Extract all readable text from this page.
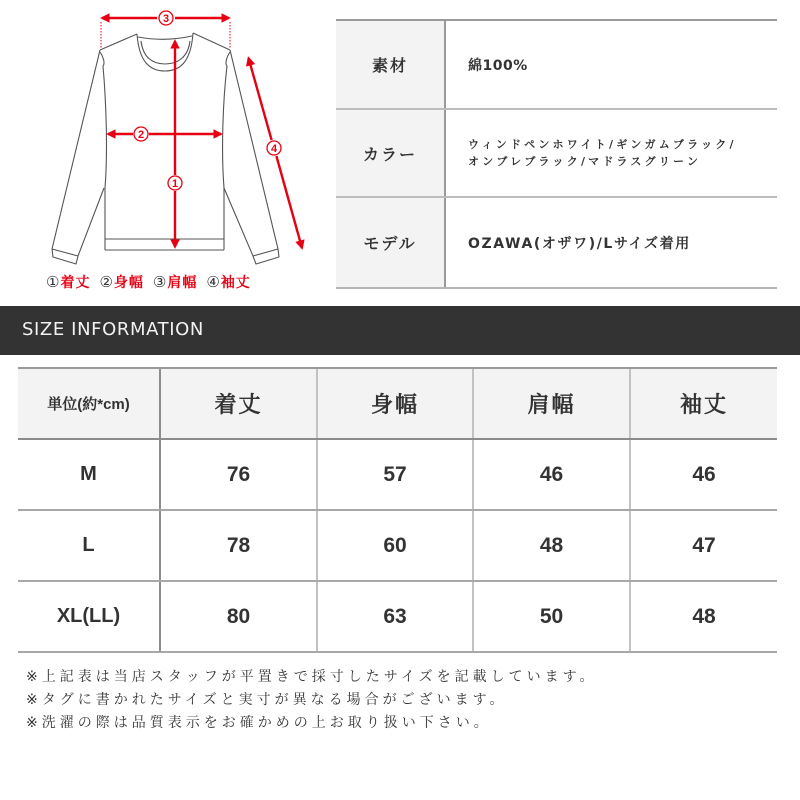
3
1
2
4
① 着丈 ② 身幅 ③ 肩幅 ④ 袖丈
素材	綿100%
カラー	ウィンドペンホワイト/ギンガムブラック/
オンブレブラック/マドラスグリーン
モデル	OZAWA(オザワ)/Lサイズ着用
SIZE INFORMATION
単位(約*cm)	着丈	身幅	肩幅	袖丈
M	76	57	46	46
L	78	60	48	47
XL(LL)	80	63	50	48
※上記表は当店スタッフが平置きで採寸したサイズを記載しています。
※タグに書かれたサイズと実寸が異なる場合がございます。
※洗濯の際は品質表示をお確かめの上お取り扱い下さい。
